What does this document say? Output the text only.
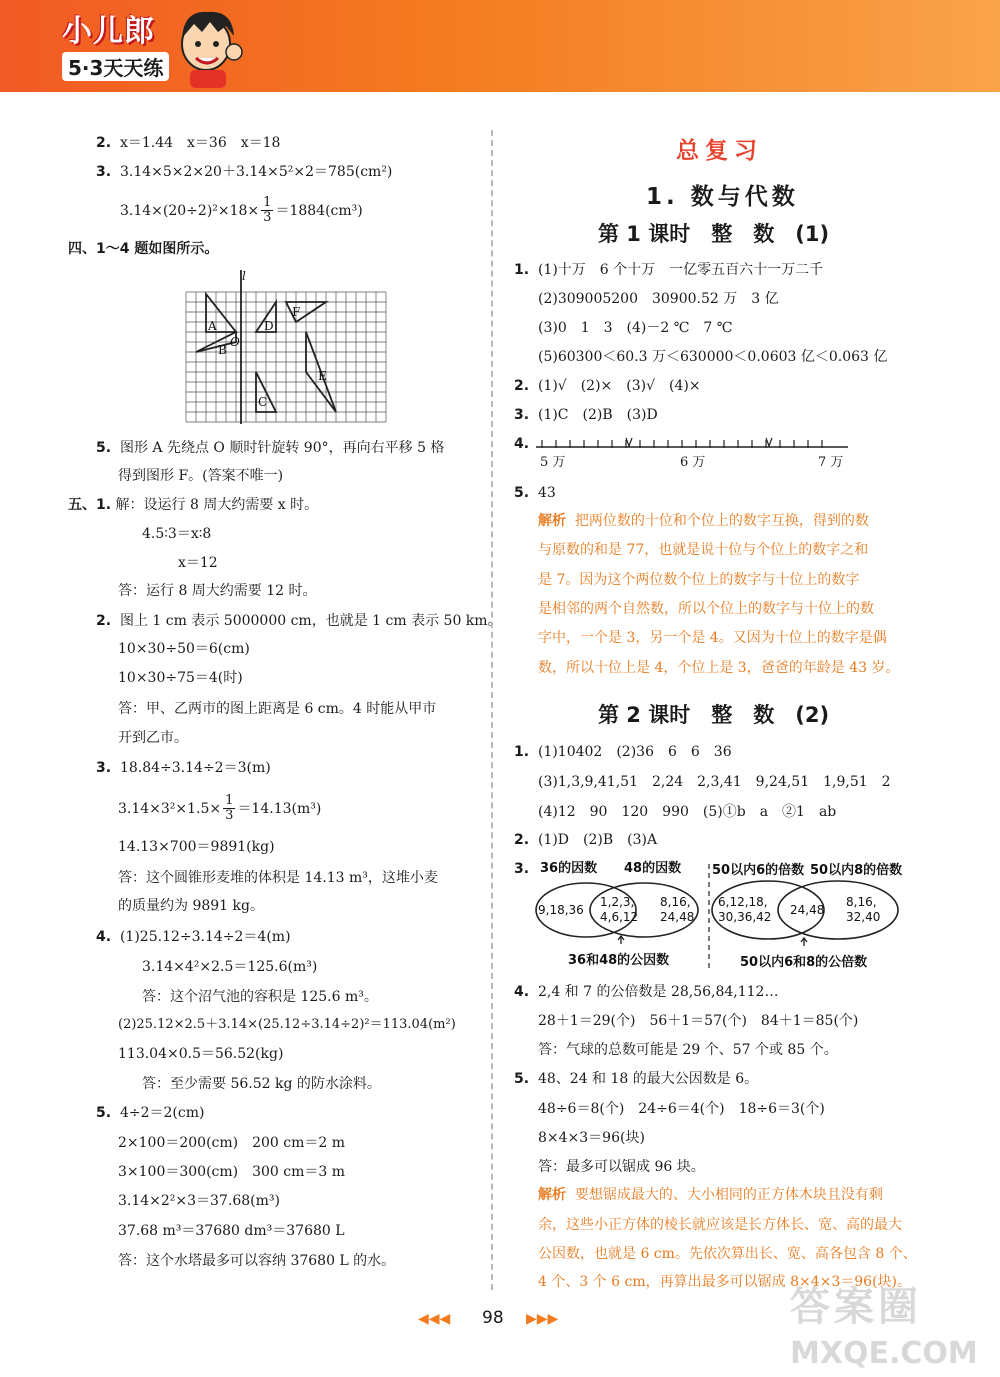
小儿郎
5·3天天练
2. x＝1.44　x＝36　x＝18
3. 3.14×5×2×20＋3.14×5²×2＝785(cm²)
$3.14\times(20\div 2)^2\times 18\times \frac{1}{3} =1884(cm^3)$
四、1～4 题如图所示。
l
A
B
O
D
F
E
C
5. 图形 A 先绕点 O 顺时针旋转 90°，再向右平移 5 格
得到图形 F。(答案不唯一)
五、1. 解：设运行 8 周大约需要 x 时。
4.5∶3＝x∶8
x＝12
答：运行 8 周大约需要 12 时。
2. 图上 1 cm 表示 5000000 cm，也就是 1 cm 表示 50 km。
10×30÷50＝6(cm)
10×30÷75＝4(时)
答：甲、乙两市的图上距离是 6 cm。4 时能从甲市
开到乙市。
3. 18.84÷3.14÷2＝3(m)
$3.14\times 3^2\times 1.5\times \frac{1}{3} =14.13(m^3)$
14.13×700＝9891(kg)
答：这个圆锥形麦堆的体积是 14.13 m³，这堆小麦
的质量约为 9891 kg。
4. (1)25.12÷3.14÷2＝4(m)
3.14×4²×2.5＝125.6(m³)
答：这个沼气池的容积是 125.6 m³。
(2)25.12×2.5＋3.14×(25.12÷3.14÷2)²＝113.04(m²)
113.04×0.5＝56.52(kg)
答：至少需要 56.52 kg 的防水涂料。
5. 4÷2＝2(cm)
2×100＝200(cm)　200 cm＝2 m
3×100＝300(cm)　300 cm＝3 m
3.14×2²×3＝37.68(m³)
37.68 m³＝37680 dm³＝37680 L
答：这个水塔最多可以容纳 37680 L 的水。
总复习
1. 数与代数
第 1 课时　整　数　(1)
1. (1)十万　6 个十万　一亿零五百六十一万二千
(2)309005200　30900.52 万　3 亿
(3)0　1　3　(4)－2 ℃　7 ℃
(5)60300＜60.3 万＜630000＜0.0603 亿＜0.063 亿
2. (1)√　(2)×　(3)√　(4)×
3. (1)C　(2)B　(3)D
4.
5 万	6 万	7 万
5. 43
解析 把两位数的十位和个位上的数字互换，得到的数
与原数的和是 77，也就是说十位与个位上的数字之和
是 7。因为这个两位数个位上的数字与十位上的数字
是相邻的两个自然数，所以个位上的数字与十位上的数
字中，一个是 3，另一个是 4。又因为十位上的数字是偶
数，所以十位上是 4，个位上是 3，爸爸的年龄是 43 岁。
第 2 课时　整　数　(2)
1. (1)10402　(2)36　6　6　36
(3)1,3,9,41,51　2,24　2,3,41　9,24,51　1,9,51　2
(4)12　90　120　990　(5)①b　a　②1　ab
2. (1)D　(2)B　(3)A
3. 36的因数 48的因数 50以内6的倍数 50以内8的倍数
9,18,36
1,2,3,
4,6,12
8,16,
24,48
6,12,18,
30,36,42 24,48
8,16,
32,40
36和48的公因数	50以内6和8的公倍数
4. 2,4 和 7 的公倍数是 28,56,84,112…
28＋1＝29(个)　56＋1＝57(个)　84＋1＝85(个)
答：气球的总数可能是 29 个、57 个或 85 个。
5. 48、24 和 18 的最大公因数是 6。
48÷6＝8(个)　24÷6＝4(个)　18÷6＝3(个)
8×4×3＝96(块)
答：最多可以锯成 96 块。
解析 要想锯成最大的、大小相同的正方体木块且没有剩
余，这些小正方体的棱长就应该是长方体长、宽、高的最大
公因数，也就是 6 cm。先依次算出长、宽、高各包含 8 个、
4 个、3 个 6 cm，再算出最多可以锯成 8×4×3＝96(块)。
◀◀◀ 98 ▶▶▶	答案圈
MXQE.COM
